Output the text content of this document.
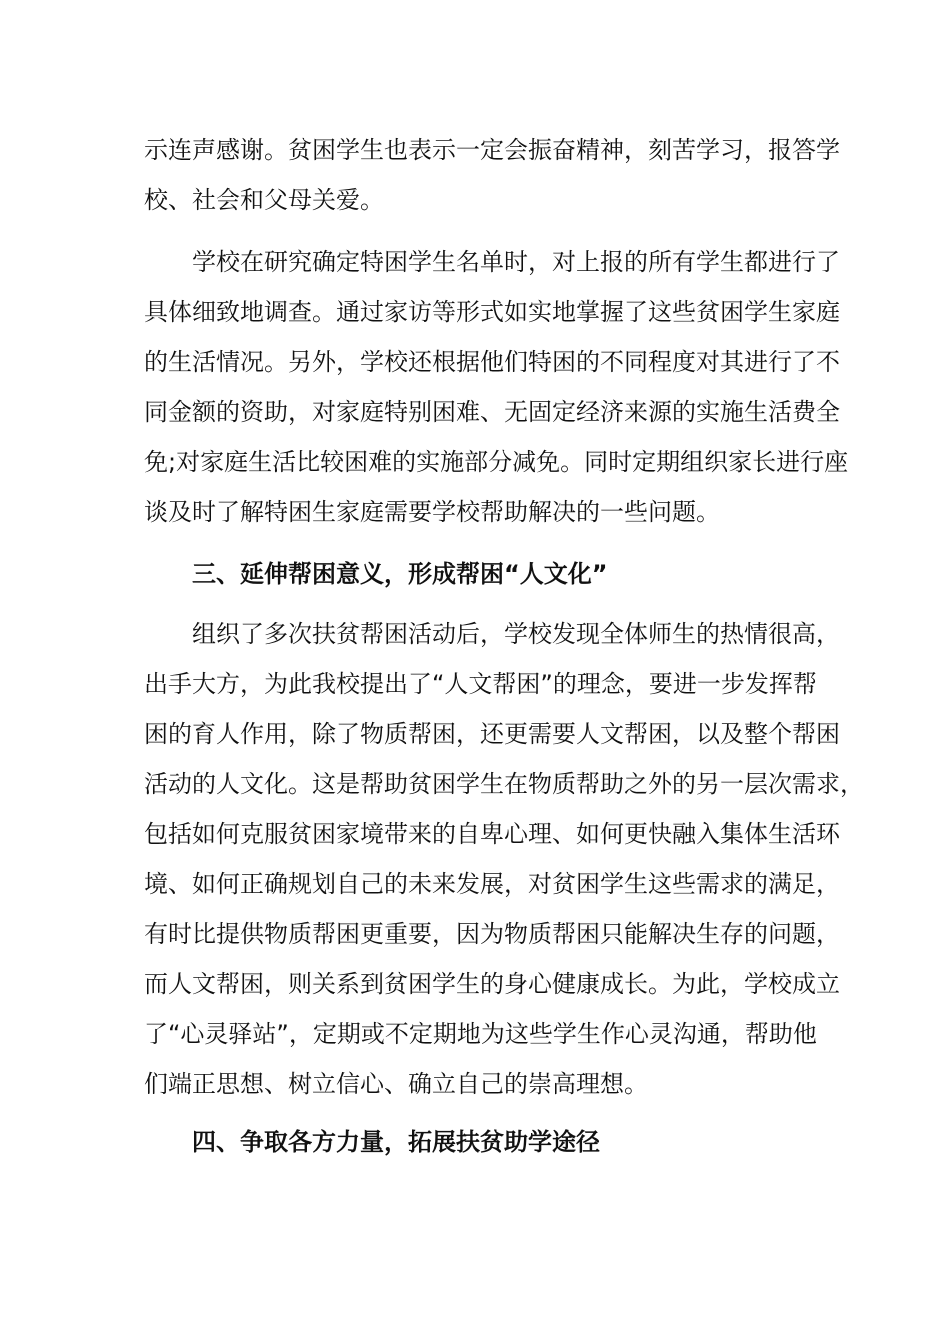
示连声感谢。贫困学生也表示一定会振奋精神，刻苦学习，报答学
校、社会和父母关爱。
学校在研究确定特困学生名单时，对上报的所有学生都进行了
具体细致地调查。通过家访等形式如实地掌握了这些贫困学生家庭
的生活情况。另外，学校还根据他们特困的不同程度对其进行了不
同金额的资助，对家庭特别困难、无固定经济来源的实施生活费全
免;对家庭生活比较困难的实施部分减免。同时定期组织家长进行座
谈及时了解特困生家庭需要学校帮助解决的一些问题。
三、延伸帮困意义，形成帮困“人文化”
组织了多次扶贫帮困活动后，学校发现全体师生的热情很高，
出手大方，为此我校提出了“人文帮困”的理念，要进一步发挥帮
困的育人作用，除了物质帮困，还更需要人文帮困，以及整个帮困
活动的人文化。这是帮助贫困学生在物质帮助之外的另一层次需求，
包括如何克服贫困家境带来的自卑心理、如何更快融入集体生活环
境、如何正确规划自己的未来发展，对贫困学生这些需求的满足，
有时比提供物质帮困更重要，因为物质帮困只能解决生存的问题，
而人文帮困，则关系到贫困学生的身心健康成长。为此，学校成立
了“心灵驿站”，定期或不定期地为这些学生作心灵沟通，帮助他
们端正思想、树立信心、确立自己的崇高理想。
四、争取各方力量，拓展扶贫助学途径
